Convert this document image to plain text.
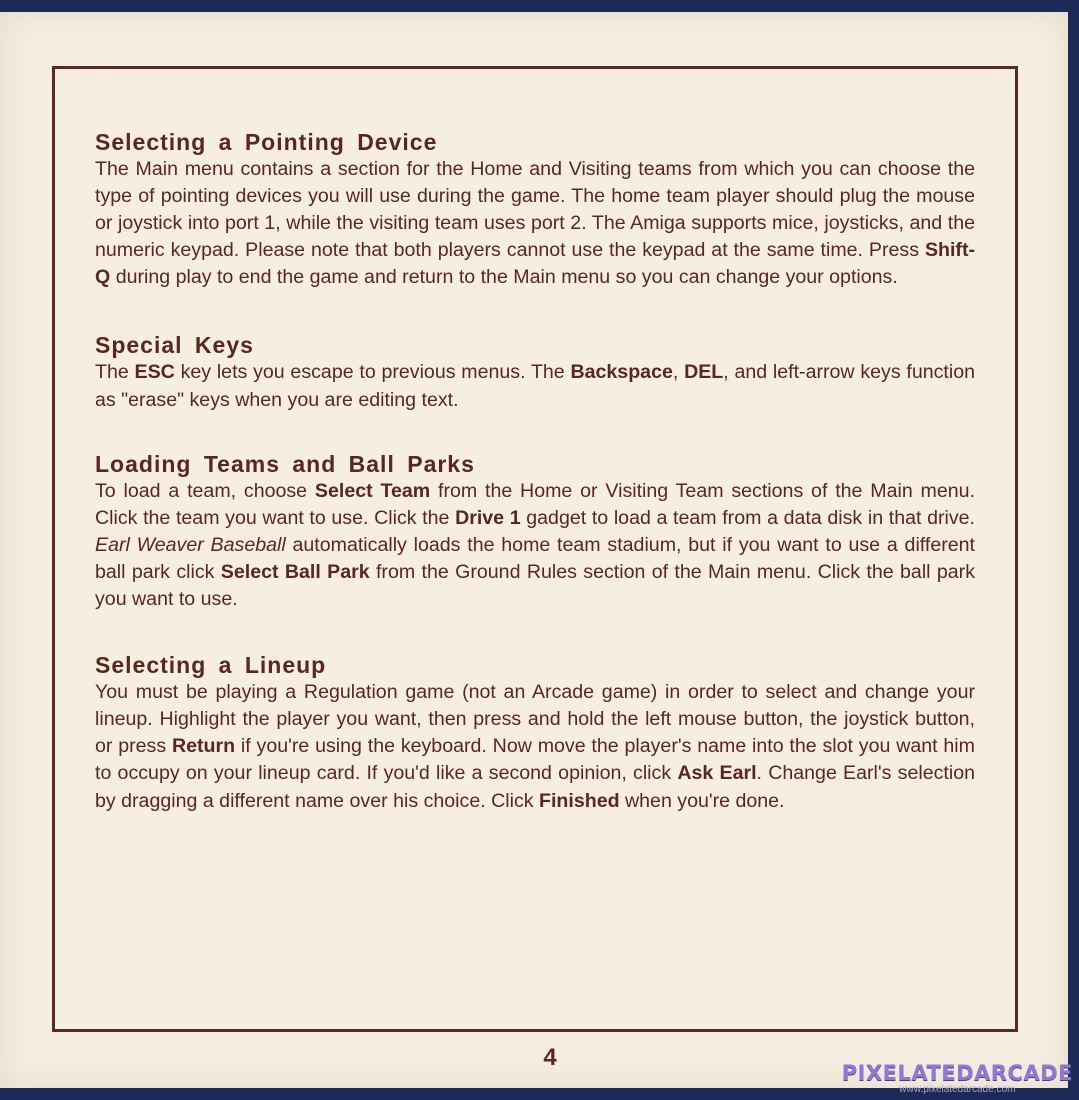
Selecting a Pointing Device

The Main menu contains a section for the Home and Visiting teams from which you can choose the type of pointing devices you will use during the game. The home team player should plug the mouse or joystick into port 1, while the visiting team uses port 2. The Amiga supports mice, joysticks, and the numeric keypad. Please note that both players cannot use the keypad at the same time. Press Shift-Q during play to end the game and return to the Main menu so you can change your options.

Special Keys

The ESC key lets you escape to previous menus. The Backspace, DEL, and left-arrow keys function as "erase" keys when you are editing text.

Loading Teams and Ball Parks

To load a team, choose Select Team from the Home or Visiting Team sections of the Main menu. Click the team you want to use. Click the Drive 1 gadget to load a team from a data disk in that drive. Earl Weaver Baseball automatically loads the home team stadium, but if you want to use a different ball park click Select Ball Park from the Ground Rules section of the Main menu. Click the ball park you want to use.

Selecting a Lineup

You must be playing a Regulation game (not an Arcade game) in order to select and change your lineup. Highlight the player you want, then press and hold the left mouse button, the joystick button, or press Return if you're using the keyboard. Now move the player's name into the slot you want him to occupy on your lineup card. If you'd like a second opinion, click Ask Earl. Change Earl's selection by dragging a different name over his choice. Click Finished when you're done.

4
PIXELATEDARCADE
www.pixelatedarcade.com
